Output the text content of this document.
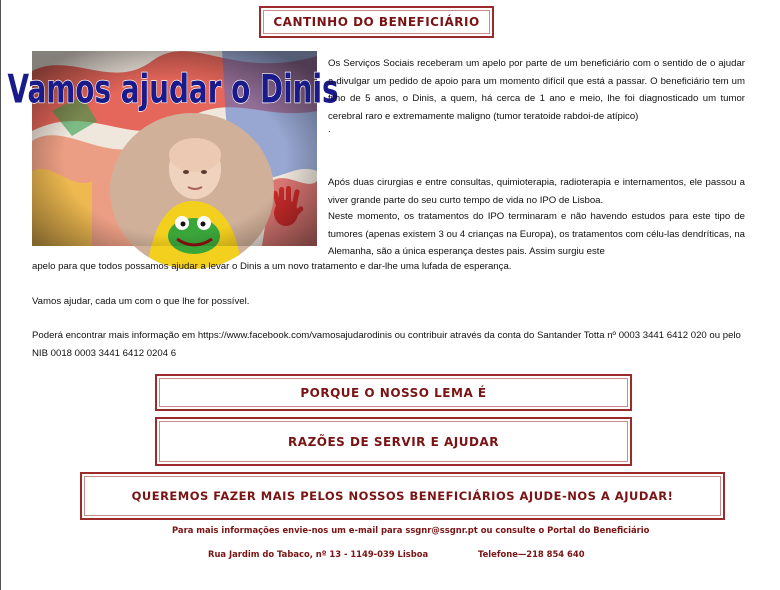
CANTINHO DO BENEFICIÁRIO
Vamos ajudar o Dinis
Os Serviços Sociais receberam um apelo por parte de um beneficiário com o sentido de o ajudar a divulgar um pedido de apoio para um momento difícil que está a passar. O beneficiário tem um filho de 5 anos, o Dinis, a quem, há cerca de 1 ano e meio, lhe foi diagnosticado um tumor cerebral raro e extremamente maligno (tumor teratoide rabdoi-de atípico)
.
Após duas cirurgias e entre consultas, quimioterapia, radioterapia e internamentos, ele passou a viver grande parte do seu curto tempo de vida no IPO de Lisboa.
Neste momento, os tratamentos do IPO terminaram e não havendo estudos para este tipo de tumores (apenas existem 3 ou 4 crianças na Europa), os tratamentos com célu-las dendríticas, na Alemanha, são a única esperança destes pais. Assim surgiu este
apelo para que todos possamos ajudar a levar o Dinis a um novo tratamento e dar-lhe uma lufada de esperança.
Vamos ajudar, cada um com o que lhe for possível.
Poderá encontrar mais informação em https://www.facebook.com/vamosajudarodinis ou contribuir através da conta do Santander Totta nº 0003 3441 6412 020 ou pelo NIB 0018 0003 3441 6412 0204 6
PORQUE O NOSSO LEMA É
RAZÕES DE SERVIR E AJUDAR
QUEREMOS FAZER MAIS PELOS NOSSOS BENEFICIÁRIOS AJUDE-NOS A AJUDAR!
Para mais informações envie-nos um e-mail para ssgnr@ssgnr.pt ou consulte o Portal do Beneficiário
Rua Jardim do Tabaco, nº 13 - 1149-039 Lisboa	Telefone—218 854 640
